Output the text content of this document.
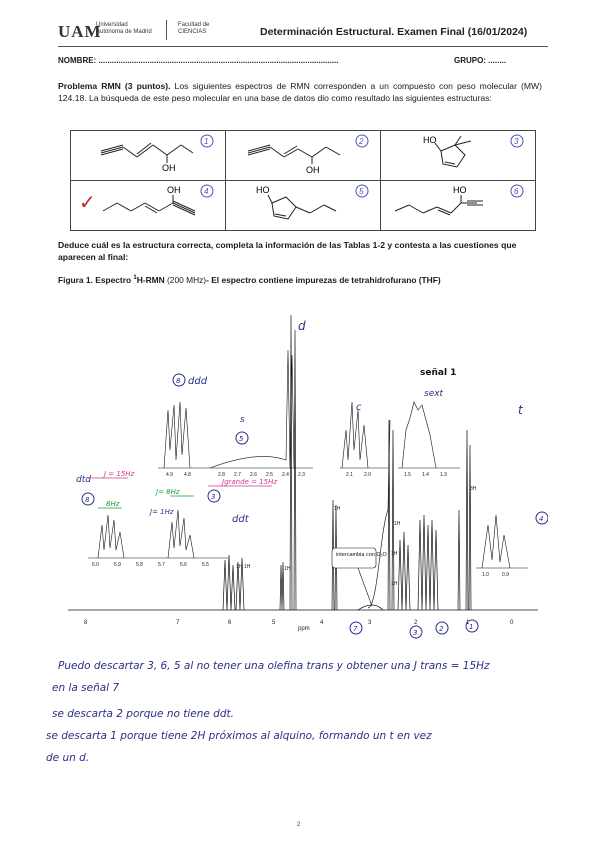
UAM
Universidad Autónoma de Madrid
Facultad de CIENCIAS	Determinación Estructural. Examen Final (16/01/2024)
NOMBRE: ............................................................................................................	GRUPO: ........
Problema RMN (3 puntos). Los siguientes espectros de RMN corresponden a un compuesto con peso molecular (MW) 124.18. La búsqueda de este peso molecular en una base de datos dio como resultado las siguientes estructuras:
OH
1	OH
2	HO 3

✓
OH 4	HO 5	HO 6
Deduce cuál es la estructura correcta, completa la información de las Tablas 1-2 y contesta a las cuestiones que aparecen al final:
Figura 1. Espectro $^1$H-RMN (200 MHz)- El espectro contiene impurezas de tetrahidrofurano (THF)
8	7	6	5	4	3	2	1	0
ppm
4.9 4.8	2.8 2.7 2.6 2.5 2.4 2.3	2.1 2.0	1.5 1.4 1.3
6.0	5.9	5.8	5.7	5.6	5.5
1.0	0.9
1H 1H	1H
1H
3H
1H
1H
1H
d
señal 1
8 ddd
s
5
c
sext
t
4
ddt
dtd
8	3
J = 15Hz
Jgrande = 15Hz
8Hz
J= 8Hz
J= 1Hz
7	3	2	1
intercambia con D₂O
Puedo descartar 3, 6, 5 al no tener una olefina trans y obtener una J trans = 15Hz
en la señal 7
se descarta 2 porque no tiene ddt.
se descarta 1 porque tiene 2H próximos al alquino, formando un t en vez
de un d.
2
